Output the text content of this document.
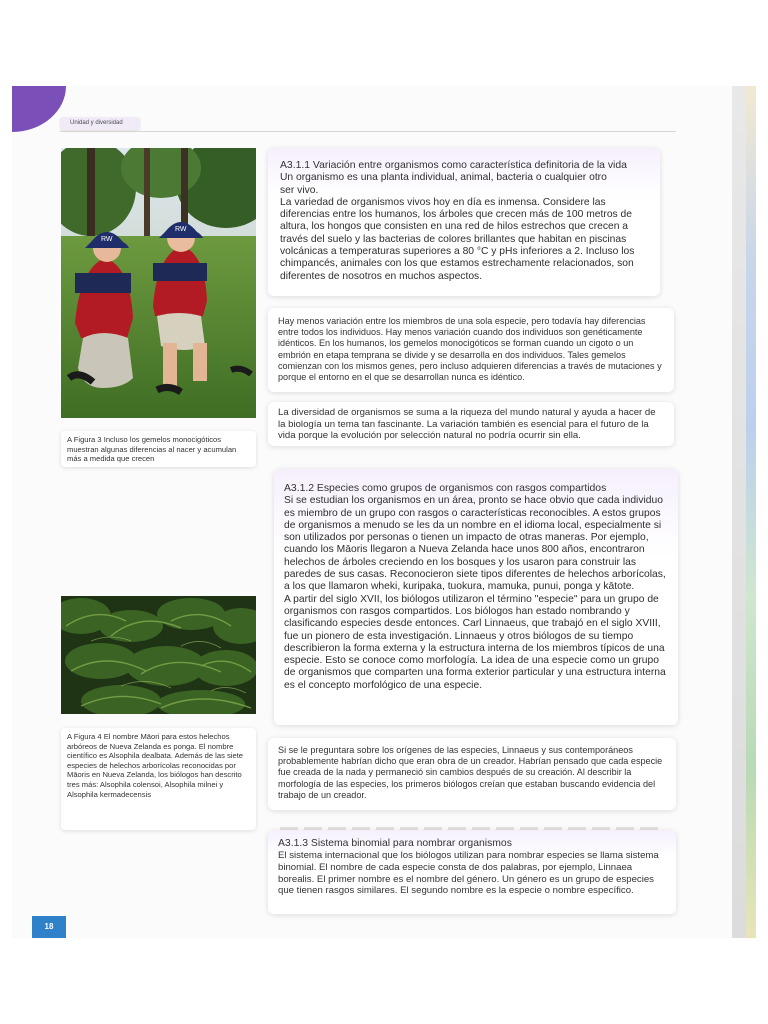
Unidad y diversidad
RW
RW
A Figura 3 Incluso los gemelos monocigóticos muestran algunas diferencias al nacer y acumulan más a medida que crecen
A Figura 4 El nombre Māori para estos helechos arbóreos de Nueva Zelanda es ponga. El nombre científico es Alsophila dealbata. Además de las siete especies de helechos arborícolas reconocidas por Māoris en Nueva Zelanda, los biólogos han descrito tres más: Alsophila colensoi, Alsophila milnei y Alsophila kermadecensis

A3.1.1 Variación entre organismos como característica definitoria de la vida

Un organismo es una planta individual, animal, bacteria o cualquier otro ser vivo.

La variedad de organismos vivos hoy en día es inmensa. Considere las diferencias entre los humanos, los árboles que crecen más de 100 metros de altura, los hongos que consisten en una red de hilos estrechos que crecen a través del suelo y las bacterias de colores brillantes que habitan en piscinas volcánicas a temperaturas superiores a 80 °C y pHs inferiores a 2. Incluso los chimpancés, animales con los que estamos estrechamente relacionados, son diferentes de nosotros en muchos aspectos.

Hay menos variación entre los miembros de una sola especie, pero todavía hay diferencias entre todos los individuos. Hay menos variación cuando dos individuos son genéticamente idénticos. En los humanos, los gemelos monocigóticos se forman cuando un cigoto o un embrión en etapa temprana se divide y se desarrolla en dos individuos. Tales gemelos comienzan con los mismos genes, pero incluso adquieren diferencias a través de mutaciones y porque el entorno en el que se desarrollan nunca es idéntico.

La diversidad de organismos se suma a la riqueza del mundo natural y ayuda a hacer de la biología un tema tan fascinante. La variación también es esencial para el futuro de la vida porque la evolución por selección natural no podría ocurrir sin ella.

A3.1.2 Especies como grupos de organismos con rasgos compartidos

Si se estudian los organismos en un área, pronto se hace obvio que cada individuo es miembro de un grupo con rasgos o características reconocibles. A estos grupos de organismos a menudo se les da un nombre en el idioma local, especialmente si son utilizados por personas o tienen un impacto de otras maneras. Por ejemplo, cuando los Māoris llegaron a Nueva Zelanda hace unos 800 años, encontraron helechos de árboles creciendo en los bosques y los usaron para construir las paredes de sus casas. Reconocieron siete tipos diferentes de helechos arborícolas, a los que llamaron wheki, kuripaka, tuokura, mamuka, punui, ponga y kātote.

A partir del siglo XVII, los biólogos utilizaron el término "especie" para un grupo de organismos con rasgos compartidos. Los biólogos han estado nombrando y clasificando especies desde entonces. Carl Linnaeus, que trabajó en el siglo XVIII, fue un pionero de esta investigación. Linnaeus y otros biólogos de su tiempo describieron la forma externa y la estructura interna de los miembros típicos de una especie. Esto se conoce como morfología. La idea de una especie como un grupo de organismos que comparten una forma exterior particular y una estructura interna es el concepto morfológico de una especie.

Si se le preguntara sobre los orígenes de las especies, Linnaeus y sus contemporáneos probablemente habrían dicho que eran obra de un creador. Habrían pensado que cada especie fue creada de la nada y permaneció sin cambios después de su creación. Al describir la morfología de las especies, los primeros biólogos creían que estaban buscando evidencia del trabajo de un creador.

A3.1.3 Sistema binomial para nombrar organismos

El sistema internacional que los biólogos utilizan para nombrar especies se llama sistema binomial. El nombre de cada especie consta de dos palabras, por ejemplo, Linnaea borealis. El primer nombre es el nombre del género. Un género es un grupo de especies que tienen rasgos similares. El segundo nombre es la especie o nombre específico.

18
